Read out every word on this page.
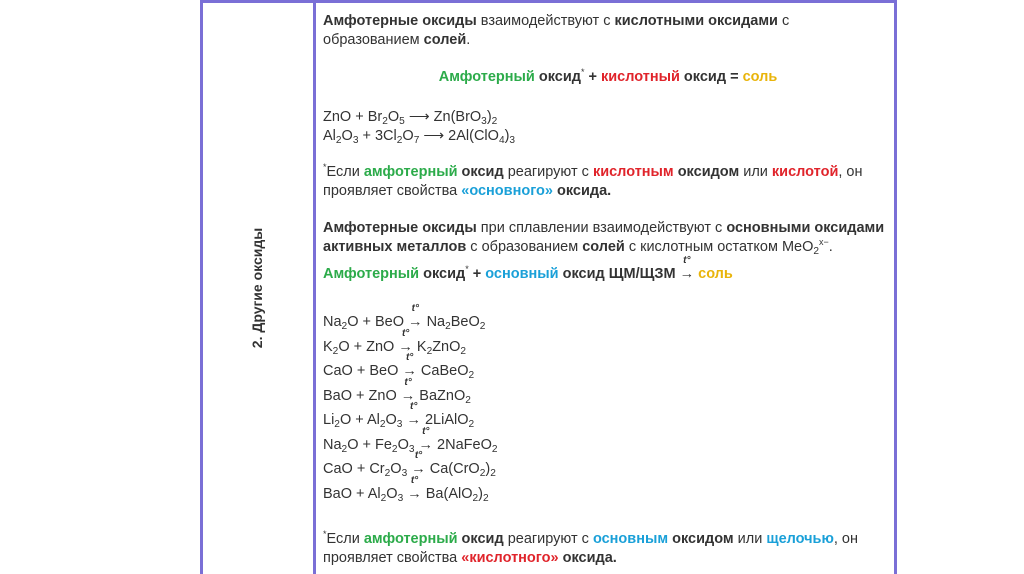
2. Другие оксиды
Амфотерные оксиды взаимодействуют с кислотными оксидами с
образованием солей.
Амфотерный оксид* + кислотный оксид = соль
ZnO + $Br_2O_5$ ⟶ $Zn(BrO_3)_2$
$Al_2O_3 + 3Cl_2O_7$ ⟶ $2Al(ClO_4)_3$
*Если амфотерный оксид реагируют с кислотным оксидом или кислотой, он
проявляет свойства «основного» оксида.
Амфотерные оксиды при сплавлении взаимодействуют с основными оксидами
активных металлов с образованием солей с кислотным остатком MeO$_2^{x-}$.
Амфотерный оксид* + основный оксид ЩМ/ЩЗМ
t°
→ соль
$Na_2O$ + BeO
t°
→ $Na_2BeO_2$
$K_2O$ + ZnO
t°
→ $K_2ZnO_2$
CaO + BeO
t°
→ CaBeO$_2$
BaO + ZnO
t°
→ BaZnO$_2$
$Li_2O + Al_2O_3$
t°
→ 2LiAlO$_2$
$Na_2O + Fe_2O_3$
t°
→ 2NaFeO$_2$
CaO + $Cr_2O_3$
t°
→ $Ca(CrO_2)_2$
BaO + $Al_2O_3$
t°
→ $Ba(AlO_2)_2$
*Если амфотерный оксид реагируют с основным оксидом или щелочью, он
проявляет свойства «кислотного» оксида.
